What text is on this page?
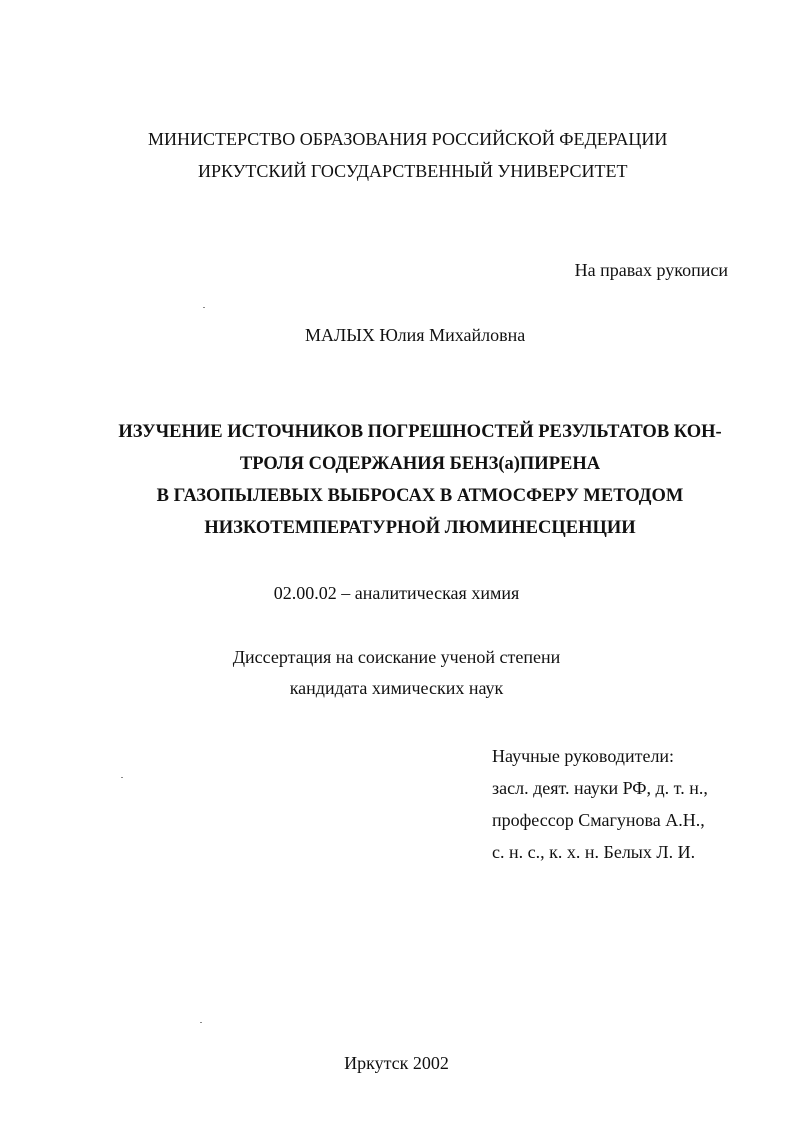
МИНИСТЕРСТВО ОБРАЗОВАНИЯ РОССИЙСКОЙ ФЕДЕРАЦИИ
ИРКУТСКИЙ ГОСУДАРСТВЕННЫЙ УНИВЕРСИТЕТ
На правах рукописи
МАЛЫХ Юлия Михайловна
ИЗУЧЕНИЕ ИСТОЧНИКОВ ПОГРЕШНОСТЕЙ РЕЗУЛЬТАТОВ КОН-
ТРОЛЯ СОДЕРЖАНИЯ БЕНЗ(а)ПИРЕНА
В ГАЗОПЫЛЕВЫХ ВЫБРОСАХ В АТМОСФЕРУ МЕТОДОМ
НИЗКОТЕМПЕРАТУРНОЙ ЛЮМИНЕСЦЕНЦИИ
02.00.02 – аналитическая химия
Диссертация на соискание ученой степени
кандидата химических наук
Научные руководители:
засл. деят. науки РФ, д. т. н.,
профессор Смагунова А.Н.,
с. н. с., к. х. н. Белых Л. И.
Иркутск 2002
